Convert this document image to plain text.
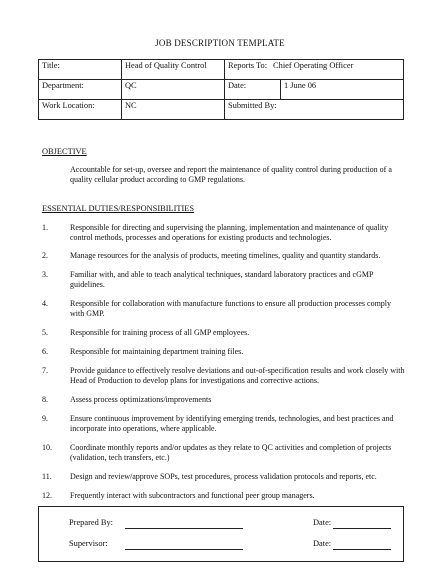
JOB DESCRIPTION TEMPLATE
Title:	Head of Quality Control	Reports To: Chief Operating Officer	
Department:	QC	Date:	1 June 06
Work Location:	NC	Submitted By:	
OBJECTIVE
Accountable for set-up, oversee and report the maintenance of quality control during production of a quality cellular product according to GMP regulations.
ESSENTIAL DUTIES/RESPONSIBILITIES
1.	Responsible for directing and supervising the planning, implementation and maintenance of quality control methods, processes and operations for existing products and technologies.
2.	Manage resources for the analysis of products, meeting timelines, quality and quantity standards.
3.	Familiar with, and able to teach analytical techniques, standard laboratory practices and cGMP guidelines.
4.	Responsible for collaboration with manufacture functions to ensure all production processes comply with GMP.
5.	Responsible for training process of all GMP employees.
6.	Responsible for maintaining department training files.
7.	Provide guidance to effectively resolve deviations and out-of-specification results and work closely with Head of Production to develop plans for investigations and corrective actions.
8.	Assess process optimizations/improvements
9.	Ensure continuous improvement by identifying emerging trends, technologies, and best practices and incorporate into operations, where applicable.
10.	Coordinate monthly reports and/or updates as they relate to QC activities and completion of projects (validation, tech transfers, etc.)
11.	Design and review/approve SOPs, test procedures, process validation protocols and reports, etc.
12.	Frequently interact with subcontractors and functional peer group managers.
Prepared By:	Date:
Supervisor:	Date:
